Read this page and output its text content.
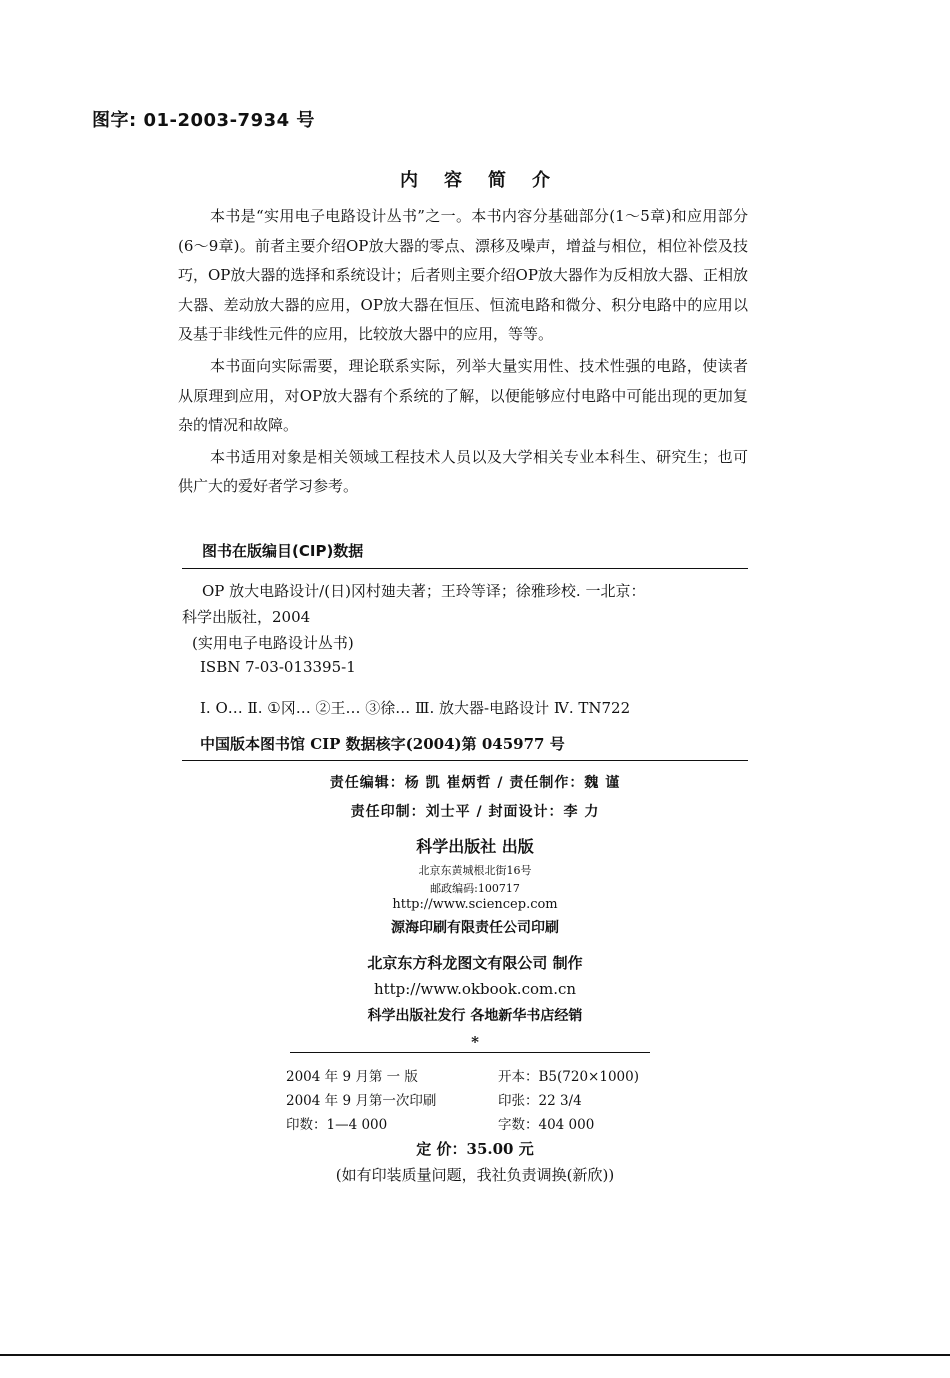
图字: 01-2003-7934 号
内容简介

本书是“实用电子电路设计丛书”之一。本书内容分基础部分(1～5章)和应用部分(6～9章)。前者主要介绍OP放大器的零点、漂移及噪声，增益与相位，相位补偿及技巧，OP放大器的选择和系统设计；后者则主要介绍OP放大器作为反相放大器、正相放大器、差动放大器的应用，OP放大器在恒压、恒流电路和微分、积分电路中的应用以及基于非线性元件的应用，比较放大器中的应用，等等。

本书面向实际需要，理论联系实际，列举大量实用性、技术性强的电路，使读者从原理到应用，对OP放大器有个系统的了解，以便能够应付电路中可能出现的更加复杂的情况和故障。

本书适用对象是相关领域工程技术人员以及大学相关专业本科生、研究生；也可供广大的爱好者学习参考。

图书在版编目(CIP)数据
OP 放大电路设计/(日)冈村廸夫著；王玲等译；徐雅珍校. 一北京：
科学出版社，2004
(实用电子电路设计丛书)
ISBN 7-03-013395-1
Ⅰ. O… Ⅱ. ①冈… ②王… ③徐… Ⅲ. 放大器-电路设计 Ⅳ. TN722
中国版本图书馆 CIP 数据核字(2004)第 045977 号
责任编辑：杨 凯 崔炳哲 / 责任制作：魏 谨
责任印制：刘士平 / 封面设计：李 力
科学出版社 出版
北京东黄城根北街16号
邮政编码:100717
http://www.sciencep.com
源海印刷有限责任公司印刷
北京东方科龙图文有限公司 制作
http://www.okbook.com.cn
科学出版社发行 各地新华书店经销
*
2004 年 9 月第 一 版	开本：B5(720×1000)
2004 年 9 月第一次印刷	印张：22 3/4
印数：1—4 000	字数：404 000
定 价：35.00 元
(如有印装质量问题，我社负责调换(新欣))
